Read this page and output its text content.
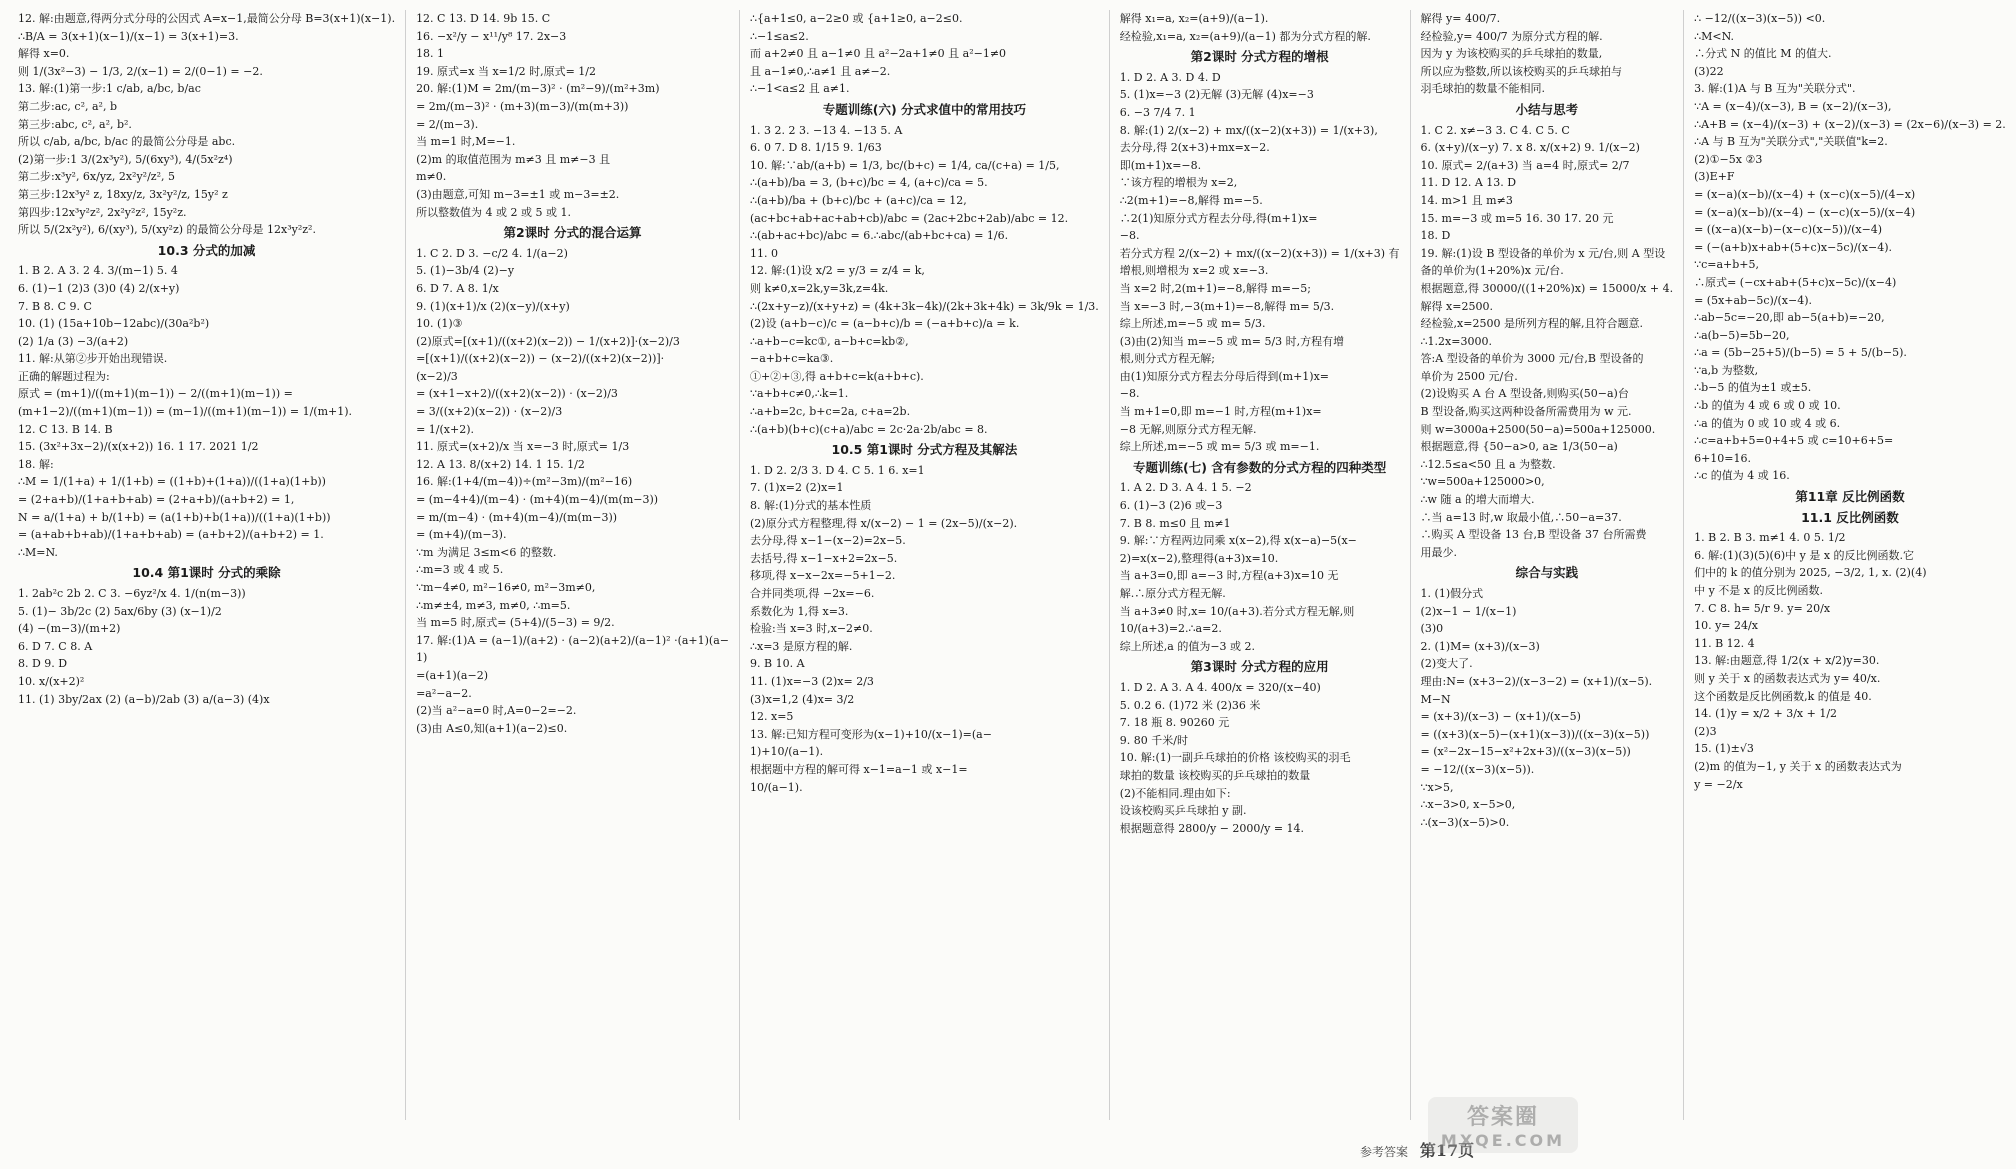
12. 解:由题意,得两分式分母的公因式 A=x−1,最简公分母 B=3(x+1)(x−1).
∴B/A = 3(x+1)(x−1)/(x−1) = 3(x+1)=3.
解得 x=0.
则 1/(3x²−3) − 1/3, 2/(x−1) = 2/(0−1) = −2.
13. 解:(1)第一步:1 c/ab, a/bc, b/ac
第二步:ac, c², a², b
第三步:abc, c², a², b².
所以 c/ab, a/bc, b/ac 的最简公分母是 abc.
(2)第一步:1 3/(2x³y²), 5/(6xy³), 4/(5x²z⁴)
第二步:x³y², 6x/yz, 2x²y²/z², 5
第三步:12x³y² z, 18xy/z, 3x²y²/z, 15y² z
第四步:12x³y²z², 2x²y²z², 15y²z.
所以 5/(2x²y²), 6/(xy³), 5/(xy²z) 的最简公分母是 12x³y²z².
10.3 分式的加减
1. B 2. A 3. 2 4. 3/(m−1) 5. 4
6. (1)−1 (2)3 (3)0 (4) 2/(x+y)
7. B 8. C 9. C
10. (1) (15a+10b−12abc)/(30a²b²)
(2) 1/a (3) −3/(a+2)
11. 解:从第②步开始出现错误.
正确的解题过程为:
原式 = (m+1)/((m+1)(m−1)) − 2/((m+1)(m−1)) =
(m+1−2)/((m+1)(m−1)) = (m−1)/((m+1)(m−1)) = 1/(m+1).
12. C 13. B 14. B
15. (3x²+3x−2)/(x(x+2)) 16. 1 17. 2021 1/2
18. 解:
∴M = 1/(1+a) + 1/(1+b) = ((1+b)+(1+a))/((1+a)(1+b))
= (2+a+b)/(1+a+b+ab) = (2+a+b)/(a+b+2) = 1,
N = a/(1+a) + b/(1+b) = (a(1+b)+b(1+a))/((1+a)(1+b))
= (a+ab+b+ab)/(1+a+b+ab) = (a+b+2)/(a+b+2) = 1.
∴M=N.
10.4 第1课时 分式的乘除
1. 2ab²c 2b 2. C 3. −6yz²/x 4. 1/(n(m−3))
5. (1)− 3b/2c (2) 5ax/6by (3) (x−1)/2
(4) −(m−3)/(m+2)
6. D 7. C 8. A
8. D 9. D
10. x/(x+2)²
11. (1) 3by/2ax (2) (a−b)/2ab (3) a/(a−3) (4)x
12. C 13. D 14. 9b 15. C
16. −x²/y − x¹¹/y⁸ 17. 2x−3
18. 1
19. 原式=x 当 x=1/2 时,原式= 1/2
20. 解:(1)M = 2m/(m−3)² · (m²−9)/(m²+3m)
= 2m/(m−3)² · (m+3)(m−3)/(m(m+3))
= 2/(m−3).
当 m=1 时,M=−1.
(2)m 的取值范围为 m≠3 且 m≠−3 且
m≠0.
(3)由题意,可知 m−3=±1 或 m−3=±2.
所以整数值为 4 或 2 或 5 或 1.
第2课时 分式的混合运算
1. C 2. D 3. −c/2 4. 1/(a−2)
5. (1)−3b/4 (2)−y
6. D 7. A 8. 1/x
9. (1)(x+1)/x (2)(x−y)/(x+y)
10. (1)③
(2)原式=[(x+1)/((x+2)(x−2)) − 1/(x+2)]·(x−2)/3
=[(x+1)/((x+2)(x−2)) − (x−2)/((x+2)(x−2))]·
(x−2)/3
= (x+1−x+2)/((x+2)(x−2)) · (x−2)/3
= 3/((x+2)(x−2)) · (x−2)/3
= 1/(x+2).
11. 原式=(x+2)/x 当 x=−3 时,原式= 1/3
12. A 13. 8/(x+2) 14. 1 15. 1/2
16. 解:(1+4/(m−4))÷(m²−3m)/(m²−16)
= (m−4+4)/(m−4) · (m+4)(m−4)/(m(m−3))
= m/(m−4) · (m+4)(m−4)/(m(m−3))
= (m+4)/(m−3).
∵m 为满足 3≤m<6 的整数.
∴m=3 或 4 或 5.
∵m−4≠0, m²−16≠0, m²−3m≠0,
∴m≠±4, m≠3, m≠0, ∴m=5.
当 m=5 时,原式= (5+4)/(5−3) = 9/2.
17. 解:(1)A = (a−1)/(a+2) · (a−2)(a+2)/(a−1)² ·(a+1)(a−
1)
=(a+1)(a−2)
=a²−a−2.
(2)当 a²−a=0 时,A=0−2=−2.
(3)由 A≤0,知(a+1)(a−2)≤0.
∴{a+1≤0, a−2≥0 或 {a+1≥0, a−2≤0.
∴−1≤a≤2.
而 a+2≠0 且 a−1≠0 且 a²−2a+1≠0 且 a²−1≠0
且 a−1≠0,∴a≠1 且 a≠−2.
∴−1<a≤2 且 a≠1.
专题训练(六) 分式求值中的常用技巧
1. 3 2. 2 3. −13 4. −13 5. A
6. 0 7. D 8. 1/15 9. 1/63
10. 解:∵ab/(a+b) = 1/3, bc/(b+c) = 1/4, ca/(c+a) = 1/5,
∴(a+b)/ba = 3, (b+c)/bc = 4, (a+c)/ca = 5.
∴(a+b)/ba + (b+c)/bc + (a+c)/ca = 12,
(ac+bc+ab+ac+ab+cb)/abc = (2ac+2bc+2ab)/abc = 12.
∴(ab+ac+bc)/abc = 6.∴abc/(ab+bc+ca) = 1/6.
11. 0
12. 解:(1)设 x/2 = y/3 = z/4 = k,
则 k≠0,x=2k,y=3k,z=4k.
∴(2x+y−z)/(x+y+z) = (4k+3k−4k)/(2k+3k+4k) = 3k/9k = 1/3.
(2)设 (a+b−c)/c = (a−b+c)/b = (−a+b+c)/a = k.
∴a+b−c=kc①, a−b+c=kb②,
−a+b+c=ka③.
①+②+③,得 a+b+c=k(a+b+c).
∵a+b+c≠0,∴k=1.
∴a+b=2c, b+c=2a, c+a=2b.
∴(a+b)(b+c)(c+a)/abc = 2c·2a·2b/abc = 8.
10.5 第1课时 分式方程及其解法
1. D 2. 2/3 3. D 4. C 5. 1 6. x=1
7. (1)x=2 (2)x=1
8. 解:(1)分式的基本性质
(2)原分式方程整理,得 x/(x−2) − 1 = (2x−5)/(x−2).
去分母,得 x−1−(x−2)=2x−5.
去括号,得 x−1−x+2=2x−5.
移项,得 x−x−2x=−5+1−2.
合并同类项,得 −2x=−6.
系数化为 1,得 x=3.
检验:当 x=3 时,x−2≠0.
∴x=3 是原方程的解.
9. B 10. A
11. (1)x=−3 (2)x= 2/3
(3)x=1,2 (4)x= 3/2
12. x=5
13. 解:已知方程可变形为(x−1)+10/(x−1)=(a−
1)+10/(a−1).
根据题中方程的解可得 x−1=a−1 或 x−1=
10/(a−1).
解得 x₁=a, x₂=(a+9)/(a−1).
经检验,x₁=a, x₂=(a+9)/(a−1) 都为分式方程的解.
第2课时 分式方程的增根
1. D 2. A 3. D 4. D
5. (1)x=−3 (2)无解 (3)无解 (4)x=−3
6. −3 7/4 7. 1
8. 解:(1) 2/(x−2) + mx/((x−2)(x+3)) = 1/(x+3),
去分母,得 2(x+3)+mx=x−2.
即(m+1)x=−8.
∵该方程的增根为 x=2,
∴2(m+1)=−8,解得 m=−5.
∴2(1)知原分式方程去分母,得(m+1)x=
−8.
若分式方程 2/(x−2) + mx/((x−2)(x+3)) = 1/(x+3) 有
增根,则增根为 x=2 或 x=−3.
当 x=2 时,2(m+1)=−8,解得 m=−5;
当 x=−3 时,−3(m+1)=−8,解得 m= 5/3.
综上所述,m=−5 或 m= 5/3.
(3)由(2)知当 m=−5 或 m= 5/3 时,方程有增
根,则分式方程无解;
由(1)知原分式方程去分母后得到(m+1)x=
−8.
当 m+1=0,即 m=−1 时,方程(m+1)x=
−8 无解,则原分式方程无解.
综上所述,m=−5 或 m= 5/3 或 m=−1.
专题训练(七) 含有参数的分式方程的四种类型
1. A 2. D 3. A 4. 1 5. −2
6. (1)−3 (2)6 或−3
7. B 8. m≤0 且 m≠1
9. 解:∵方程两边同乘 x(x−2),得 x(x−a)−5(x−
2)=x(x−2),整理得(a+3)x=10.
当 a+3=0,即 a=−3 时,方程(a+3)x=10 无
解.∴原分式方程无解.
当 a+3≠0 时,x= 10/(a+3).若分式方程无解,则
10/(a+3)=2.∴a=2.
综上所述,a 的值为−3 或 2.
第3课时 分式方程的应用
1. D 2. A 3. A 4. 400/x = 320/(x−40)
5. 0.2 6. (1)72 米 (2)36 米
7. 18 瓶 8. 90260 元
9. 80 千米/时
10. 解:(1)一副乒乓球拍的价格 该校购买的羽毛
球拍的数量 该校购买的乒乓球拍的数量
(2)不能相同.理由如下:
设该校购买乒乓球拍 y 副.
根据题意得 2800/y − 2000/y = 14.
解得 y= 400/7.
经检验,y= 400/7 为原分式方程的解.
因为 y 为该校购买的乒乓球拍的数量,
所以应为整数,所以该校购买的乒乓球拍与
羽毛球拍的数量不能相同.
小结与思考
1. C 2. x≠−3 3. C 4. C 5. C
6. (x+y)/(x−y) 7. x 8. x/(x+2) 9. 1/(x−2)
10. 原式= 2/(a+3) 当 a=4 时,原式= 2/7
11. D 12. A 13. D
14. m>1 且 m≠3
15. m=−3 或 m=5 16. 30 17. 20 元
18. D
19. 解:(1)设 B 型设备的单价为 x 元/台,则 A 型设
备的单价为(1+20%)x 元/台.
根据题意,得 30000/((1+20%)x) = 15000/x + 4.
解得 x=2500.
经检验,x=2500 是所列方程的解,且符合题意.
∴1.2x=3000.
答:A 型设备的单价为 3000 元/台,B 型设备的
单价为 2500 元/台.
(2)设购买 A 台 A 型设备,则购买(50−a)台
B 型设备,购买这两种设备所需费用为 w 元.
则 w=3000a+2500(50−a)=500a+125000.
根据题意,得 {50−a>0, a≥ 1/3(50−a)
∴12.5≤a<50 且 a 为整数.
∵w=500a+125000>0,
∴w 随 a 的增大而增大.
∴当 a=13 时,w 取最小值,∴50−a=37.
∴购买 A 型设备 13 台,B 型设备 37 台所需费
用最少.
综合与实践
1. (1)假分式
(2)x−1 − 1/(x−1)
(3)0
2. (1)M= (x+3)/(x−3)
(2)变大了.
理由:N= (x+3−2)/(x−3−2) = (x+1)/(x−5).
M−N
= (x+3)/(x−3) − (x+1)/(x−5)
= ((x+3)(x−5)−(x+1)(x−3))/((x−3)(x−5))
= (x²−2x−15−x²+2x+3)/((x−3)(x−5))
= −12/((x−3)(x−5)).
∵x>5,
∴x−3>0, x−5>0,
∴(x−3)(x−5)>0.
∴ −12/((x−3)(x−5)) <0.
∴M<N.
∴分式 N 的值比 M 的值大.
(3)22
3. 解:(1)A 与 B 互为"关联分式".
∵A = (x−4)/(x−3), B = (x−2)/(x−3),
∴A+B = (x−4)/(x−3) + (x−2)/(x−3) = (2x−6)/(x−3) = 2.
∴A 与 B 互为"关联分式","关联值"k=2.
(2)①−5x ②3
(3)E+F
= (x−a)(x−b)/(x−4) + (x−c)(x−5)/(4−x)
= (x−a)(x−b)/(x−4) − (x−c)(x−5)/(x−4)
= ((x−a)(x−b)−(x−c)(x−5))/(x−4)
= (−(a+b)x+ab+(5+c)x−5c)/(x−4).
∵c=a+b+5,
∴原式= (−cx+ab+(5+c)x−5c)/(x−4)
= (5x+ab−5c)/(x−4).
∴ab−5c=−20,即 ab−5(a+b)=−20,
∴a(b−5)=5b−20,
∴a = (5b−25+5)/(b−5) = 5 + 5/(b−5).
∵a,b 为整数,
∴b−5 的值为±1 或±5.
∴b 的值为 4 或 6 或 0 或 10.
∴a 的值为 0 或 10 或 4 或 6.
∴c=a+b+5=0+4+5 或 c=10+6+5=
6+10=16.
∴c 的值为 4 或 16.
第11章 反比例函数
11.1 反比例函数
1. B 2. B 3. m≠1 4. 0 5. 1/2
6. 解:(1)(3)(5)(6)中 y 是 x 的反比例函数.它
们中的 k 的值分别为 2025, −3/2, 1, x. (2)(4)
中 y 不是 x 的反比例函数.
7. C 8. h= 5/r 9. y= 20/x
10. y= 24/x
11. B 12. 4
13. 解:由题意,得 1/2(x + x/2)y=30.
则 y 关于 x 的函数表达式为 y= 40/x.
这个函数是反比例函数,k 的值是 40.
14. (1)y = x/2 + 3/x + 1/2
(2)3
15. (1)±√3
(2)m 的值为−1, y 关于 x 的函数表达式为
y = −2/x
参考答案 第17页
答案圈
MXQE.COM
